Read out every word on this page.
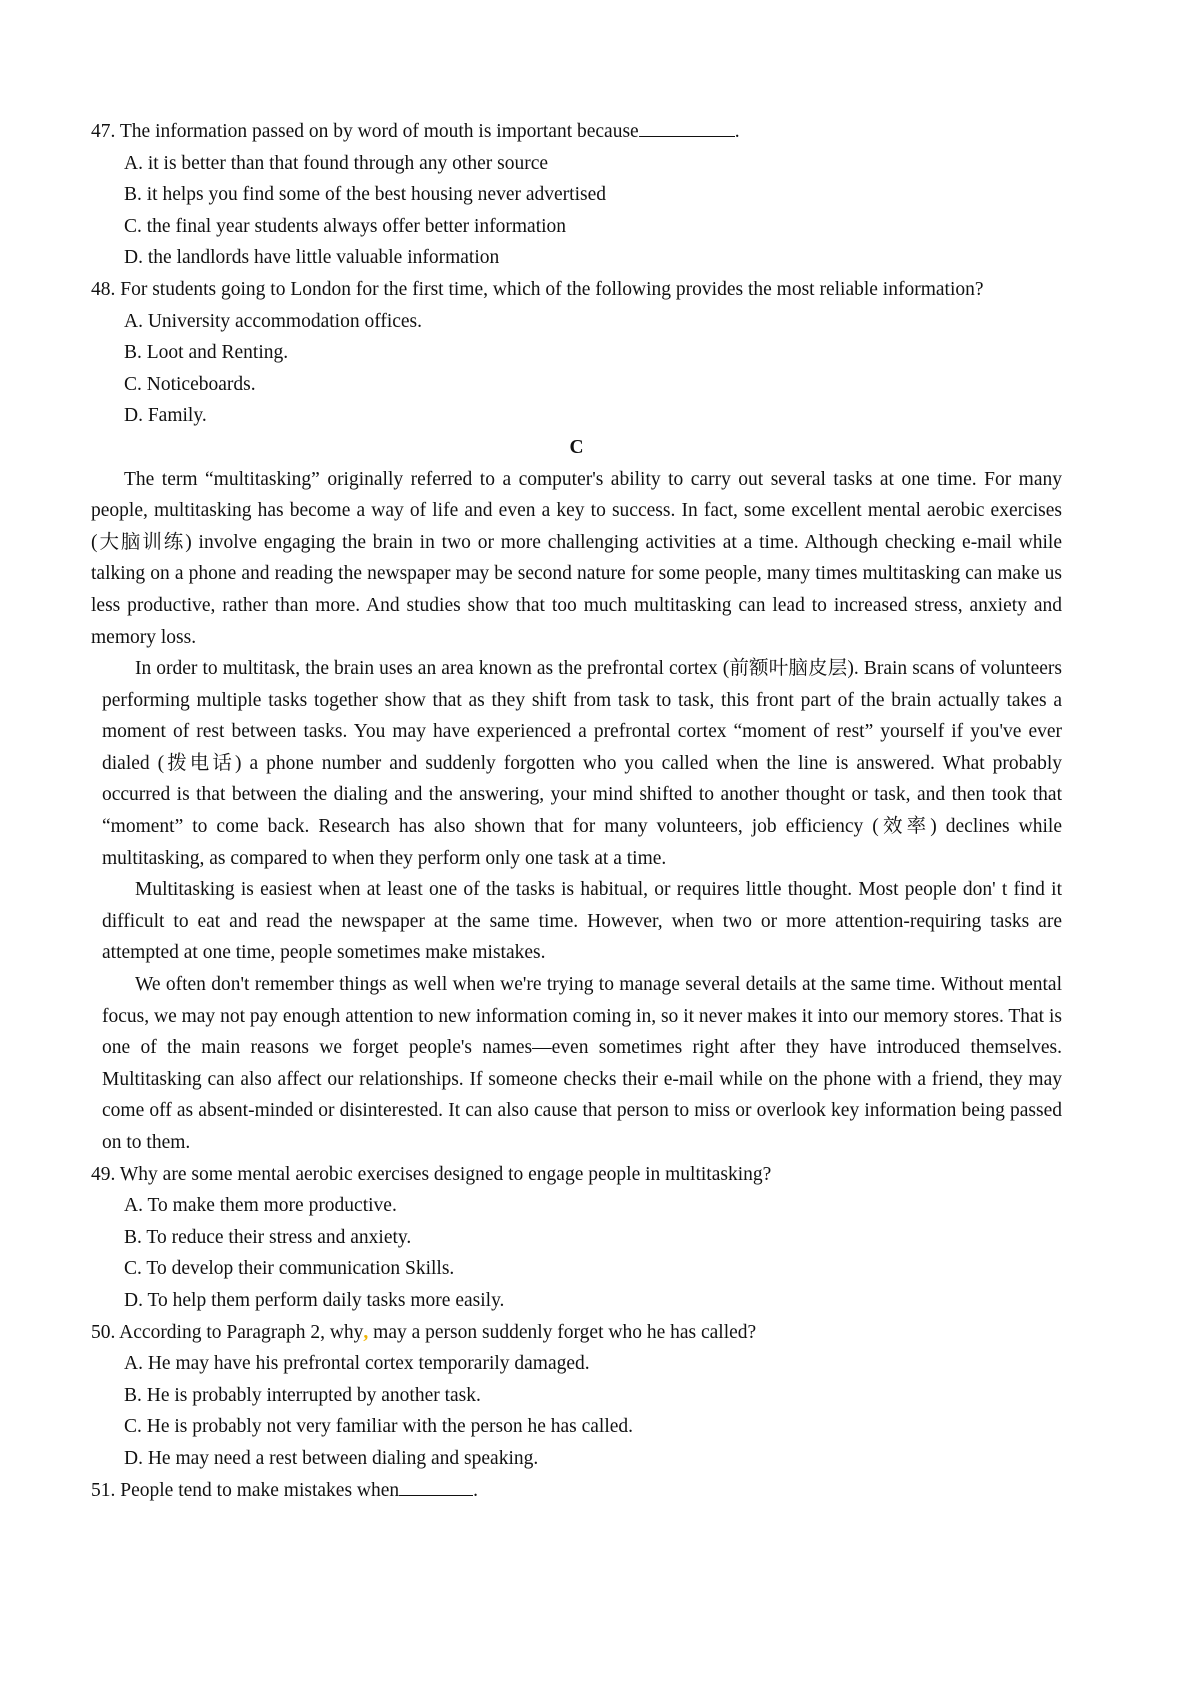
47. The information passed on by word of mouth is important because	.

A. it is better than that found through any other source

B. it helps you find some of the best housing never advertised

C. the final year students always offer better information

D. the landlords have little valuable information

48. For students going to London for the first time, which of the following provides the most reliable information?

A. University accommodation offices.

B. Loot and Renting.

C. Noticeboards.

D. Family.

C

The term “multitasking” originally referred to a computer's ability to carry out several tasks at one time. For many people, multitasking has become a way of life and even a key to success. In fact, some excellent mental aerobic exercises (大脑训练) involve engaging the brain in two or more challenging activities at a time. Although checking e-mail while talking on a phone and reading the newspaper may be second nature for some people, many times multitasking can make us less productive, rather than more. And studies show that too much multitasking can lead to increased stress, anxiety and memory loss.

In order to multitask, the brain uses an area known as the prefrontal cortex (前额叶脑皮层). Brain scans of volunteers performing multiple tasks together show that as they shift from task to task, this front part of the brain actually takes a moment of rest between tasks. You may have experienced a prefrontal cortex “moment of rest” yourself if you've ever dialed (拨电话) a phone number and suddenly forgotten who you called when the line is answered. What probably occurred is that between the dialing and the answering, your mind shifted to another thought or task, and then took that “moment” to come back. Research has also shown that for many volunteers, job efficiency (效率) declines while multitasking, as compared to when they perform only one task at a time.

Multitasking is easiest when at least one of the tasks is habitual, or requires little thought. Most people don' t find it difficult to eat and read the newspaper at the same time. However, when two or more attention-requiring tasks are attempted at one time, people sometimes make mistakes.

We often don't remember things as well when we're trying to manage several details at the same time. Without mental focus, we may not pay enough attention to new information coming in, so it never makes it into our memory stores. That is one of the main reasons we forget people's names—even sometimes right after they have introduced themselves. Multitasking can also affect our relationships. If someone checks their e-mail while on the phone with a friend, they may come off as absent-minded or disinterested. It can also cause that person to miss or overlook key information being passed on to them.

49. Why are some mental aerobic exercises designed to engage people in multitasking?

A. To make them more productive.

B. To reduce their stress and anxiety.

C. To develop their communication Skills.

D. To help them perform daily tasks more easily.

50. According to Paragraph 2, why, may a person suddenly forget who he has called?

A. He may have his prefrontal cortex temporarily damaged.

B. He is probably interrupted by another task.

C. He is probably not very familiar with the person he has called.

D. He may need a rest between dialing and speaking.

51. People tend to make mistakes when	.
